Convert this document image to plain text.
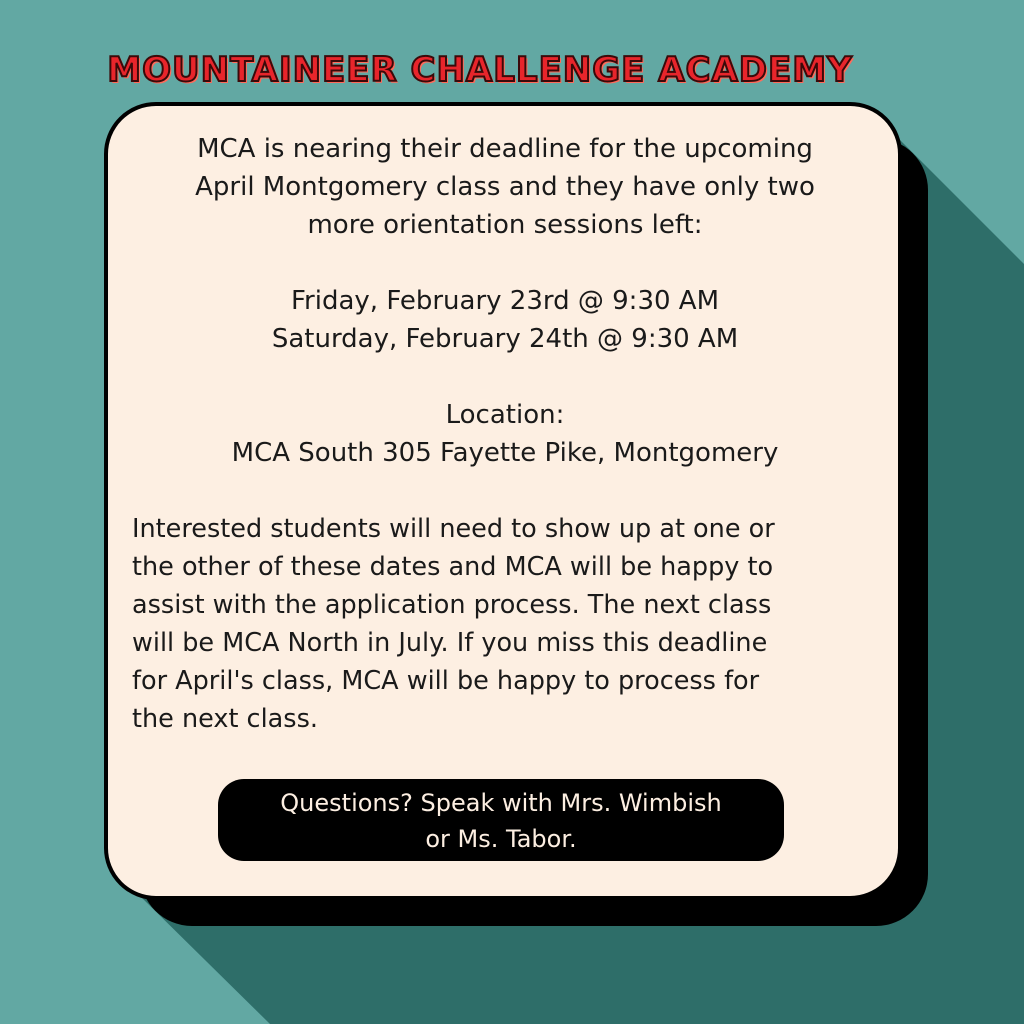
MOUNTAINEER CHALLENGE ACADEMY
MCA is nearing their deadline for the upcoming
April Montgomery class and they have only two
more orientation sessions left:
Friday, February 23rd @ 9:30 AM
Saturday, February 24th @ 9:30 AM
Location:
MCA South 305 Fayette Pike, Montgomery
Interested students will need to show up at one or
the other of these dates and MCA will be happy to
assist with the application process. The next class
will be MCA North in July. If you miss this deadline
for April's class, MCA will be happy to process for
the next class.
Questions? Speak with Mrs. Wimbish
or Ms. Tabor.
